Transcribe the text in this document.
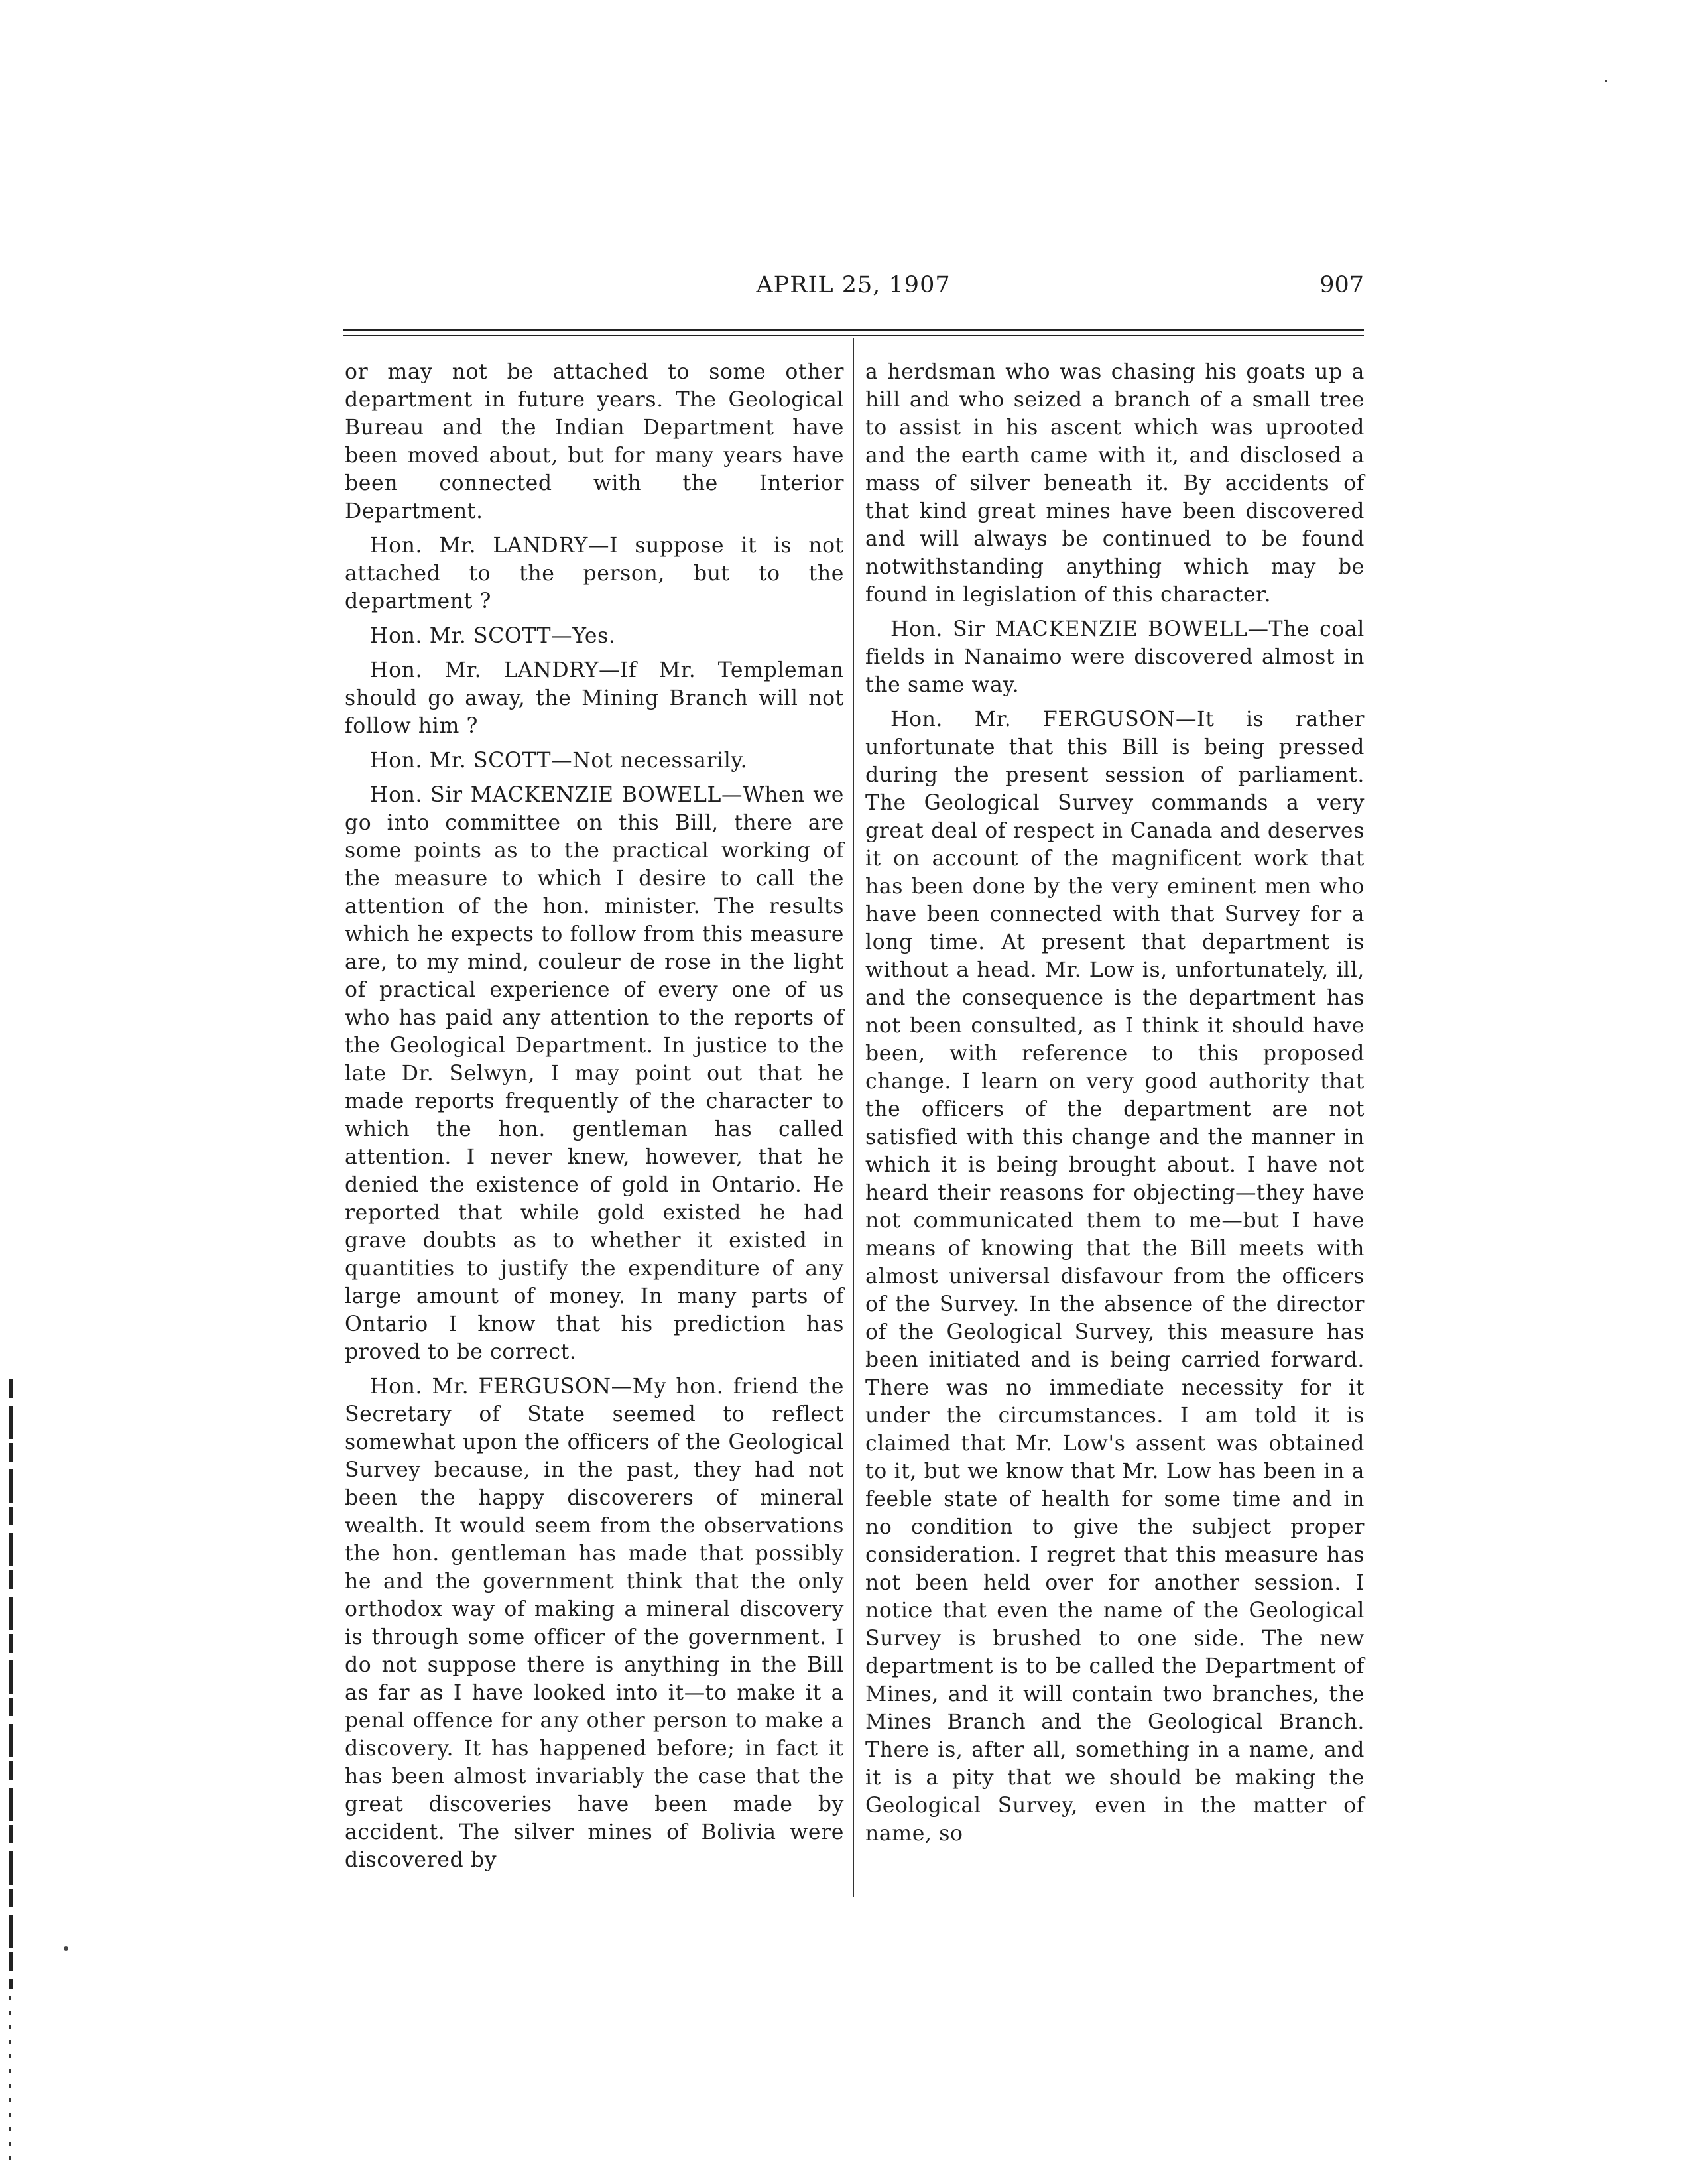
APRIL 25, 1907	907

or may not be attached to some other department in future years. The Geological Bureau and the Indian Department have been moved about, but for many years have been connected with the Interior Department.

Hon. Mr. LANDRY—I suppose it is not attached to the person, but to the department ?

Hon. Mr. SCOTT—Yes.

Hon. Mr. LANDRY—If Mr. Templeman should go away, the Mining Branch will not follow him ?

Hon. Mr. SCOTT—Not necessarily.

Hon. Sir MACKENZIE BOWELL—When we go into committee on this Bill, there are some points as to the practical working of the measure to which I desire to call the attention of the hon. minister. The results which he expects to follow from this measure are, to my mind, couleur de rose in the light of practical experience of every one of us who has paid any attention to the reports of the Geological Department. In justice to the late Dr. Selwyn, I may point out that he made reports frequently of the character to which the hon. gentleman has called attention. I never knew, however, that he denied the existence of gold in Ontario. He reported that while gold existed he had grave doubts as to whether it existed in quantities to justify the expenditure of any large amount of money. In many parts of Ontario I know that his prediction has proved to be correct.

Hon. Mr. FERGUSON—My hon. friend the Secretary of State seemed to reflect somewhat upon the officers of the Geological Survey because, in the past, they had not been the happy discoverers of mineral wealth. It would seem from the observations the hon. gentleman has made that possibly he and the government think that the only orthodox way of making a mineral discovery is through some officer of the government. I do not suppose there is anything in the Bill as far as I have looked into it—to make it a penal offence for any other person to make a discovery. It has happened before; in fact it has been almost invariably the case that the great discoveries have been made by accident. The silver mines of Bolivia were discovered by

a herdsman who was chasing his goats up a hill and who seized a branch of a small tree to assist in his ascent which was uprooted and the earth came with it, and disclosed a mass of silver beneath it. By accidents of that kind great mines have been discovered and will always be continued to be found notwithstanding anything which may be found in legislation of this character.

Hon. Sir MACKENZIE BOWELL—The coal fields in Nanaimo were discovered almost in the same way.

Hon. Mr. FERGUSON—It is rather unfortunate that this Bill is being pressed during the present session of parliament. The Geological Survey commands a very great deal of respect in Canada and deserves it on account of the magnificent work that has been done by the very eminent men who have been connected with that Survey for a long time. At present that department is without a head. Mr. Low is, unfortunately, ill, and the consequence is the department has not been consulted, as I think it should have been, with reference to this proposed change. I learn on very good authority that the officers of the department are not satisfied with this change and the manner in which it is being brought about. I have not heard their reasons for objecting—they have not communicated them to me—but I have means of knowing that the Bill meets with almost universal disfavour from the officers of the Survey. In the absence of the director of the Geological Survey, this measure has been initiated and is being carried forward. There was no immediate necessity for it under the circumstances. I am told it is claimed that Mr. Low's assent was obtained to it, but we know that Mr. Low has been in a feeble state of health for some time and in no condition to give the subject proper consideration. I regret that this measure has not been held over for another session. I notice that even the name of the Geological Survey is brushed to one side. The new department is to be called the Department of Mines, and it will contain two branches, the Mines Branch and the Geological Branch. There is, after all, something in a name, and it is a pity that we should be making the Geological Survey, even in the matter of name, so
